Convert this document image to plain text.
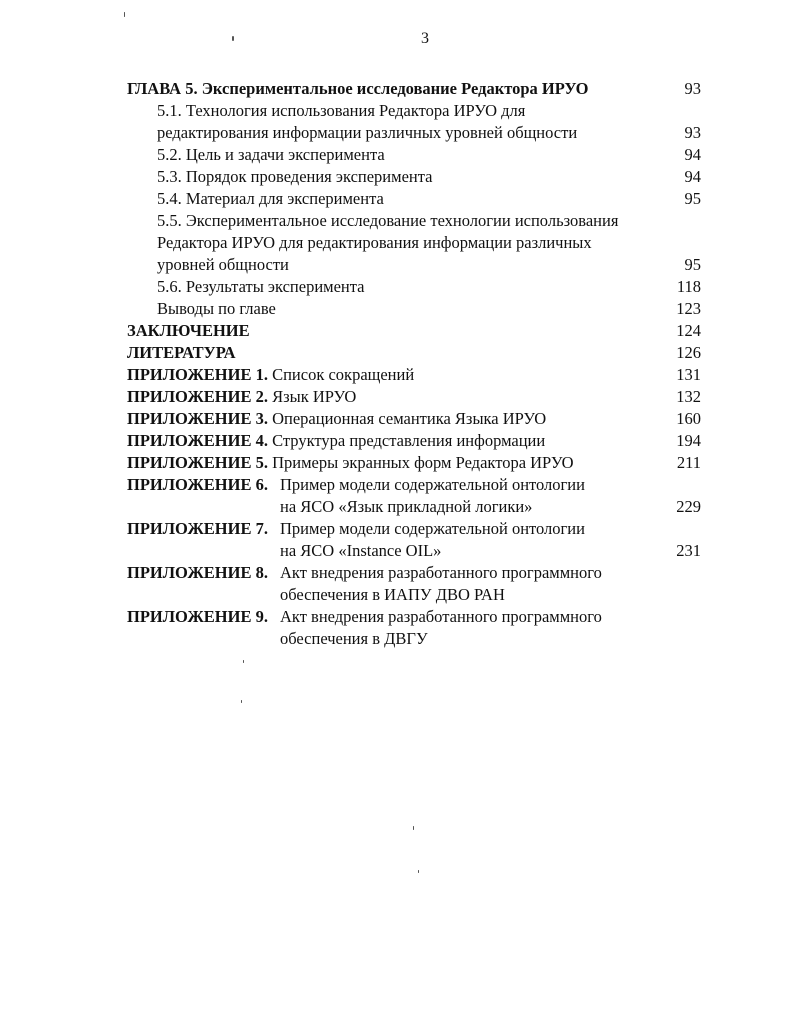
3
ГЛАВА 5. Экспериментальное исследование Редактора ИРУО	93
5.1. Технология использования Редактора ИРУО для
редактирования информации различных уровней общности	93
5.2. Цель и задачи эксперимента	94
5.3. Порядок проведения эксперимента	94
5.4. Материал для эксперимента	95
5.5. Экспериментальное исследование технологии использования
Редактора ИРУО для редактирования информации различных
уровней общности	95
5.6. Результаты эксперимента	118
Выводы по главе	123
ЗАКЛЮЧЕНИЕ	124
ЛИТЕРАТУРА	126
ПРИЛОЖЕНИЕ 1. Список сокращений	131
ПРИЛОЖЕНИЕ 2. Язык ИРУО	132
ПРИЛОЖЕНИЕ 3. Операционная семантика Языка ИРУО	160
ПРИЛОЖЕНИЕ 4. Структура представления информации	194
ПРИЛОЖЕНИЕ 5. Примеры экранных форм Редактора ИРУО	211
ПРИЛОЖЕНИЕ 6. Пример модели содержательной онтологии
на ЯСО «Язык прикладной логики»	229
ПРИЛОЖЕНИЕ 7. Пример модели содержательной онтологии
на ЯСО «Instance OIL»	231
ПРИЛОЖЕНИЕ 8. Акт внедрения разработанного программного
обеспечения в ИАПУ ДВО РАН
ПРИЛОЖЕНИЕ 9. Акт внедрения разработанного программного
обеспечения в ДВГУ
